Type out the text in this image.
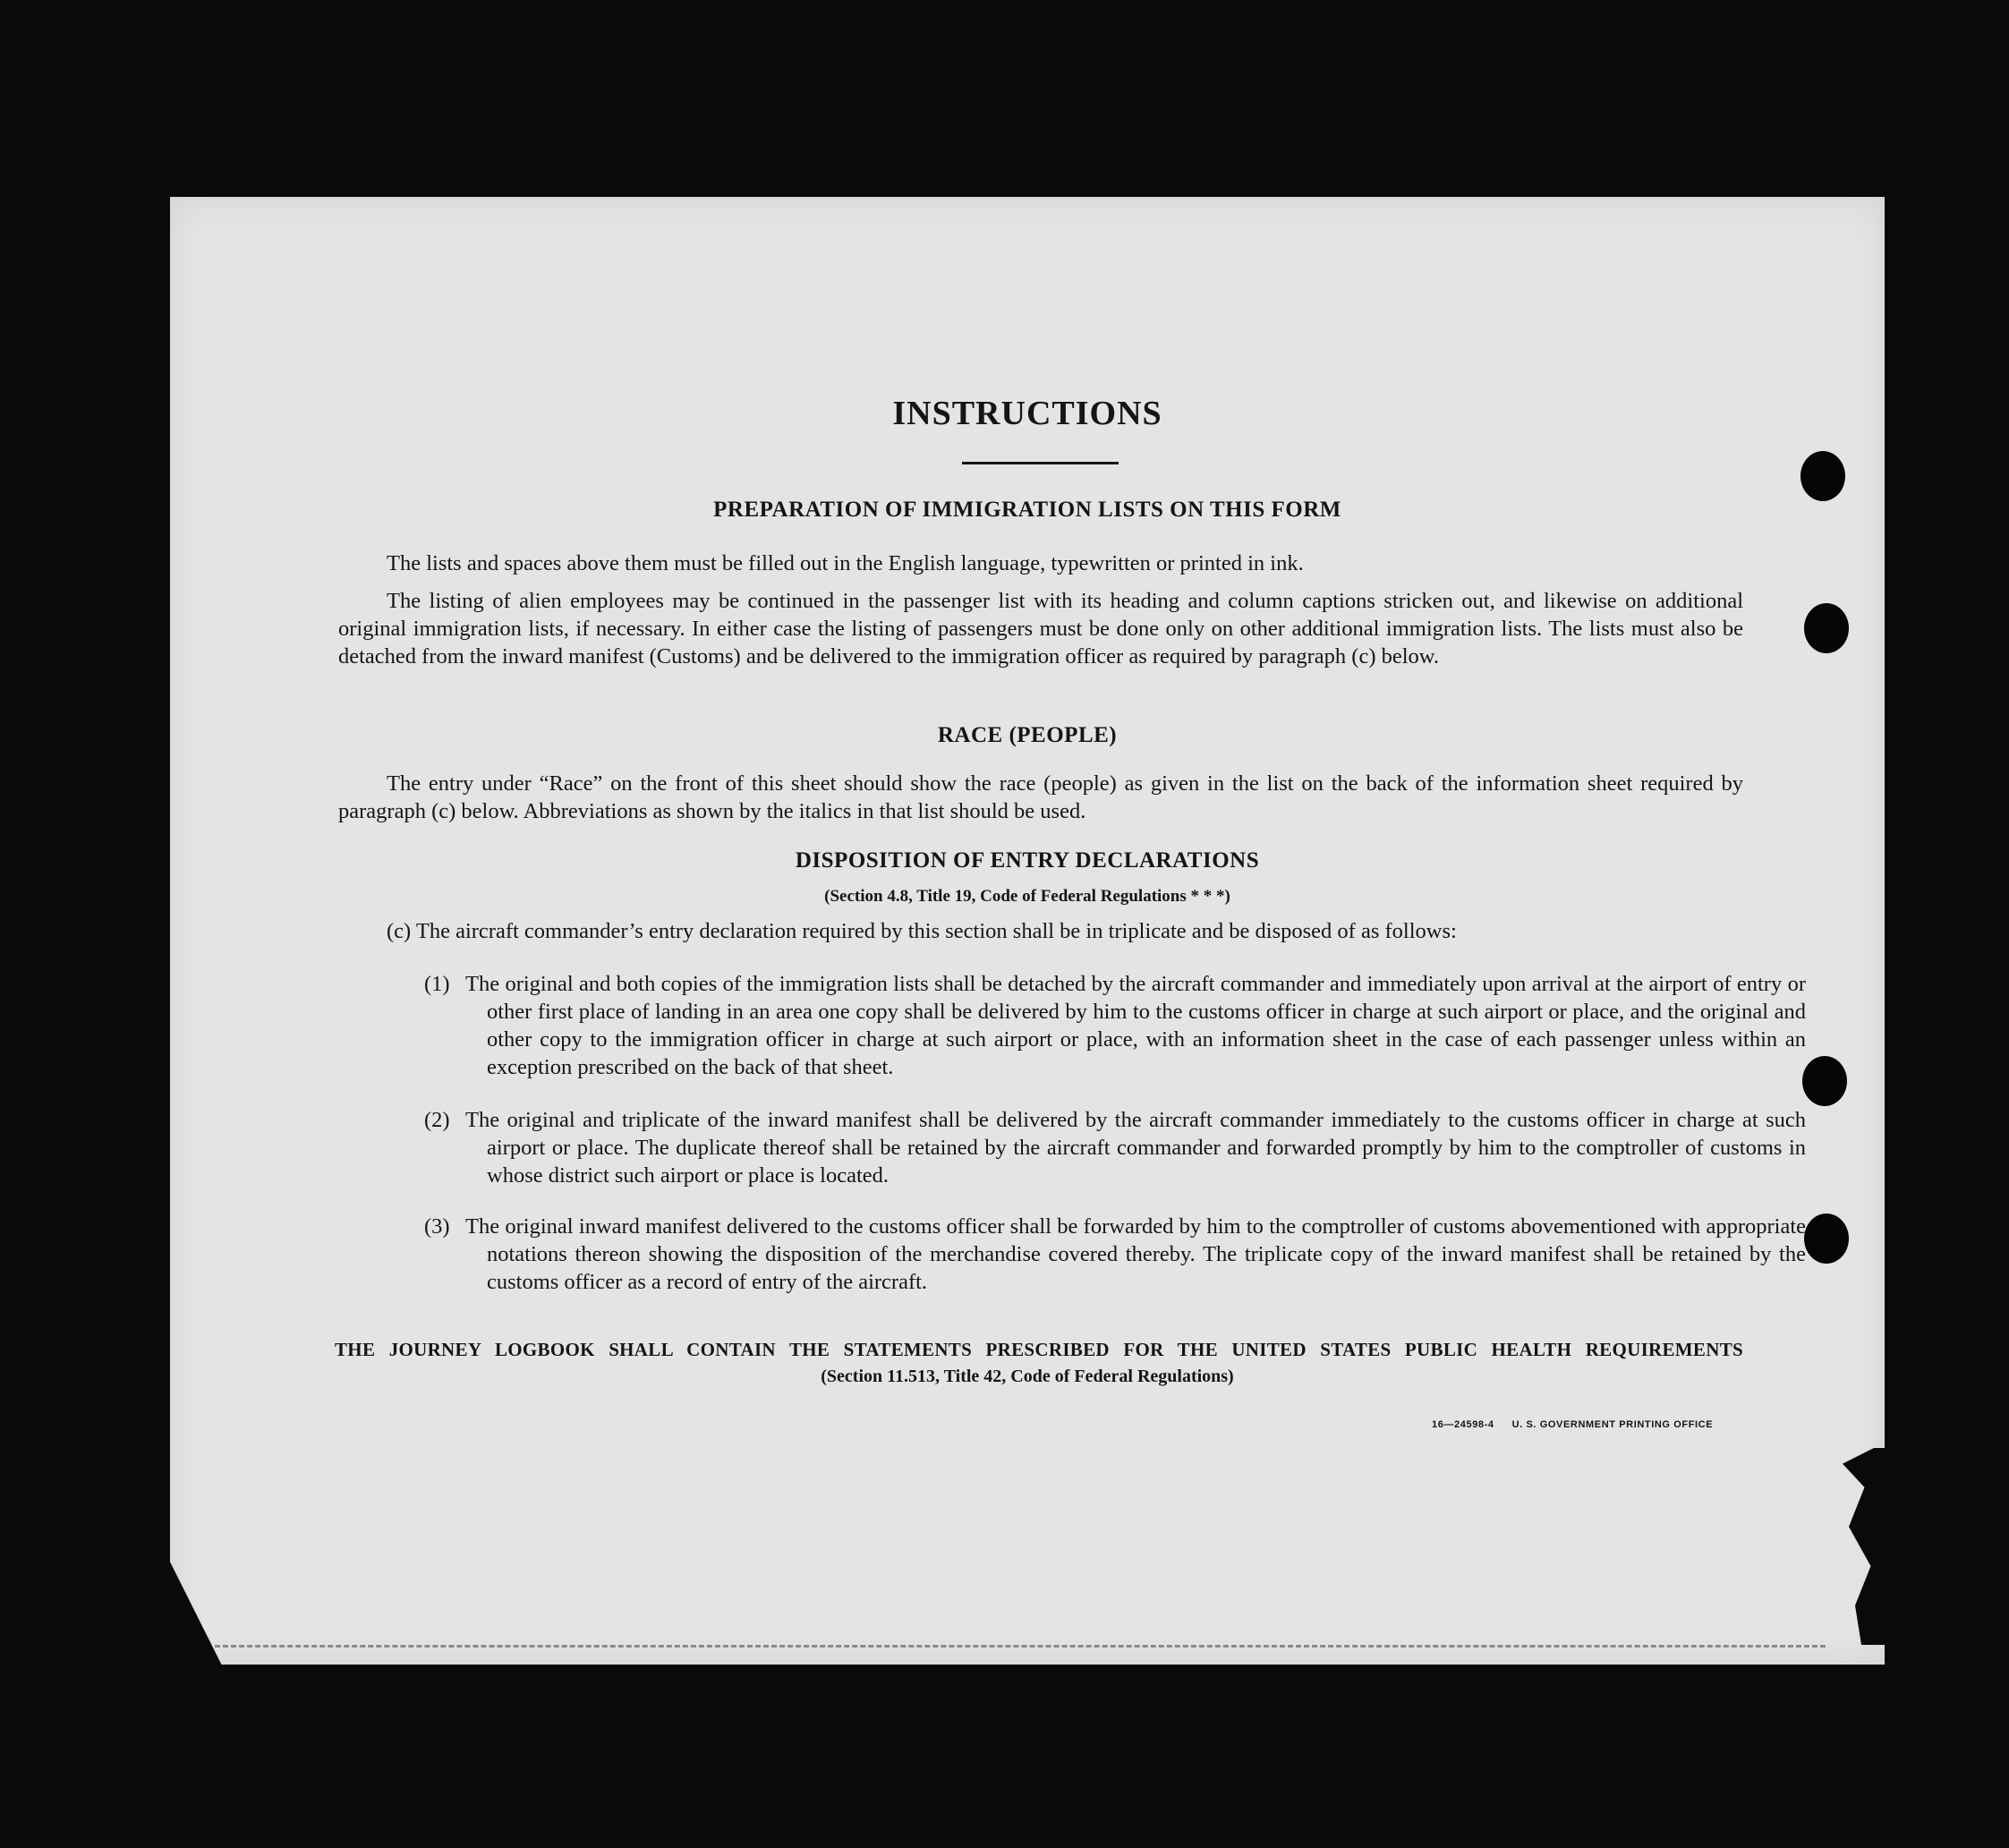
INSTRUCTIONS
PREPARATION OF IMMIGRATION LISTS ON THIS FORM

The lists and spaces above them must be filled out in the English language, typewritten or printed in ink.

The listing of alien employees may be continued in the passenger list with its heading and column captions stricken out, and likewise on additional original immigration lists, if necessary. In either case the listing of passengers must be done only on other additional immigration lists. The lists must also be detached from the inward manifest (Customs) and be delivered to the immigration officer as required by paragraph (c) below.

RACE (PEOPLE)

The entry under “Race” on the front of this sheet should show the race (people) as given in the list on the back of the information sheet required by paragraph (c) below. Abbreviations as shown by the italics in that list should be used.

DISPOSITION OF ENTRY DECLARATIONS
(Section 4.8, Title 19, Code of Federal Regulations * * *)

(c) The aircraft commander’s entry declaration required by this section shall be in triplicate and be disposed of as follows:

(1) The original and both copies of the immigration lists shall be detached by the aircraft commander and immediately upon arrival at the airport of entry or other first place of landing in an area one copy shall be delivered by him to the customs officer in charge at such airport or place, and the original and other copy to the immigration officer in charge at such airport or place, with an information sheet in the case of each passenger unless within an exception prescribed on the back of that sheet.

(2) The original and triplicate of the inward manifest shall be delivered by the aircraft commander immediately to the customs officer in charge at such airport or place. The duplicate thereof shall be retained by the aircraft commander and forwarded promptly by him to the comptroller of customs in whose district such airport or place is located.

(3) The original inward manifest delivered to the customs officer shall be forwarded by him to the comptroller of customs abovementioned with appropriate notations thereon showing the disposition of the merchandise covered thereby. The triplicate copy of the inward manifest shall be retained by the customs officer as a record of entry of the aircraft.

THE JOURNEY LOGBOOK SHALL CONTAIN THE STATEMENTS PRESCRIBED FOR THE UNITED STATES PUBLIC HEALTH REQUIREMENTS
(Section 11.513, Title 42, Code of Federal Regulations)
16—24598-4 U. S. GOVERNMENT PRINTING OFFICE
